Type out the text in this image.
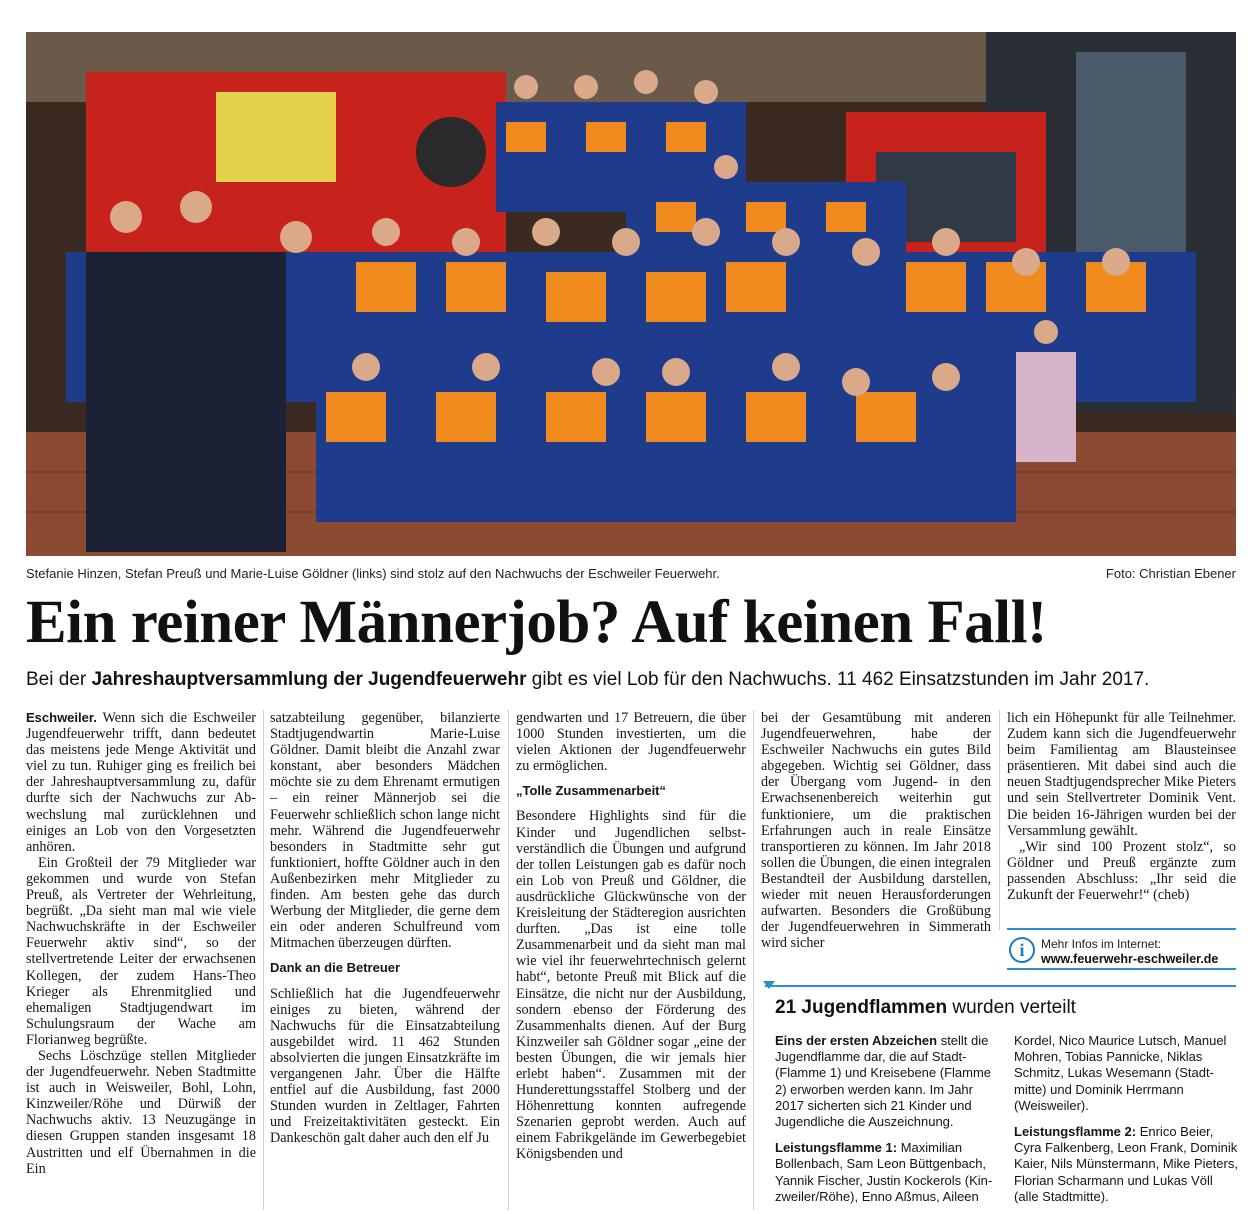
Stefanie Hinzen, Stefan Preuß und Marie-Luise Göldner (links) sind stolz auf den Nachwuchs der Eschweiler Feuerwehr.	Foto: Christian Ebener
Ein reiner Männerjob? Auf keinen Fall!
Bei der Jahreshauptversammlung der Jugendfeuerwehr gibt es viel Lob für den Nachwuchs. 11 462 Einsatzstunden im Jahr 2017.

Eschweiler. Wenn sich die Eschweiler Jugendfeuerwehr trifft, dann bedeutet das meistens jede Menge Aktivität und viel zu tun. Ruhiger ging es freilich bei der Jahreshauptversammlung zu, dafür durfte sich der Nachwuchs zur Abwechslung mal zurücklehnen und einiges an Lob von den Vorgesetzten anhören.

Ein Großteil der 79 Mitglieder war gekommen und wurde von Stefan Preuß, als Vertreter der Wehrleitung, begrüßt. „Da sieht man mal wie viele Nachwuchskräfte in der Eschweiler Feuerwehr aktiv sind“, so der stellvertretende Leiter der erwachsenen Kollegen, der zudem Hans-Theo Krieger als Ehrenmitglied und ehemaligen Stadtjugendwart im Schulungsraum der Wache am Florianweg begrüßte.

Sechs Löschzüge stellen Mitglieder der Jugendfeuerwehr. Neben Stadtmitte ist auch in Weisweiler, Bohl, Lohn, Kinzweiler/Röhe und Dürwiß der Nachwuchs aktiv. 13 Neuzugänge in diesen Gruppen standen insgesamt 18 Austritten und elf Übernahmen in die Ein

satzabteilung gegenüber, bilanzierte Stadtjugendwartin Marie-Luise Göldner. Damit bleibt die Anzahl zwar konstant, aber besonders Mädchen möchte sie zu dem Ehrenamt ermutigen – ein reiner Männerjob sei die Feuerwehr schließlich schon lange nicht mehr. Während die Jugendfeuerwehr besonders in Stadtmitte sehr gut funktioniert, hoffte Göldner auch in den Außenbezirken mehr Mitglieder zu finden. Am besten gehe das durch Werbung der Mitglieder, die gerne dem ein oder anderen Schulfreund vom Mitmachen überzeugen dürften.

Dank an die Betreuer

Schließlich hat die Jugendfeuerwehr einiges zu bieten, während der Nachwuchs für die Einsatzabteilung ausgebildet wird. 11 462 Stunden absolvierten die jungen Einsatzkräfte im vergangenen Jahr. Über die Hälfte entfiel auf die Ausbildung, fast 2000 Stunden wurden in Zeltlager, Fahrten und Freizeitaktivitäten gesteckt. Ein Dankeschön galt daher auch den elf Ju

gendwarten und 17 Betreuern, die über 1000 Stunden investierten, um die vielen Aktionen der Jugendfeuerwehr zu ermöglichen.

„Tolle Zusammenarbeit“

Besondere Highlights sind für die Kinder und Jugendlichen selbstverständlich die Übungen und aufgrund der tollen Leistungen gab es dafür noch ein Lob von Preuß und Göldner, die ausdrückliche Glückwünsche von der Kreisleitung der Städteregion ausrichten durften. „Das ist eine tolle Zusammenarbeit und da sieht man mal wie viel ihr feuerwehrtechnisch gelernt habt“, betonte Preuß mit Blick auf die Einsätze, die nicht nur der Ausbildung, sondern ebenso der Förderung des Zusammenhalts dienen. Auf der Burg Kinzweiler sah Göldner sogar „eine der besten Übungen, die wir jemals hier erlebt haben“. Zusammen mit der Hunderettungsstaffel Stolberg und der Höhenrettung konnten aufregende Szenarien geprobt werden. Auch auf einem Fabrikgelände im Gewerbegebiet Königsbenden und

bei der Gesamtübung mit anderen Jugendfeuerwehren, habe der Eschweiler Nachwuchs ein gutes Bild abgegeben. Wichtig sei Göldner, dass der Übergang vom Jugend- in den Erwachsenenbereich weiterhin gut funktioniere, um die praktischen Erfahrungen auch in reale Einsätze transportieren zu können. Im Jahr 2018 sollen die Übungen, die einen integralen Bestandteil der Ausbildung darstellen, wieder mit neuen Herausforderungen aufwarten. Besonders die Großübung der Jugendfeuerwehren in Simmerath wird sicher

lich ein Höhepunkt für alle Teilnehmer. Zudem kann sich die Jugendfeuerwehr beim Familientag am Blausteinsee präsentieren. Mit dabei sind auch die neuen Stadtjugendsprecher Mike Pieters und sein Stellvertreter Dominik Vent. Die beiden 16-Jährigen wurden bei der Versammlung gewählt.

„Wir sind 100 Prozent stolz“, so Göldner und Preuß ergänzte zum passenden Abschluss: „Ihr seid die Zukunft der Feuerwehr!“ (cheb)

i	Mehr Infos im Internet:
www.feuerwehr-eschweiler.de
21 Jugendflammen wurden verteilt

Eins der ersten Abzeichen stellt die Jugendflamme dar, die auf Stadt- (Flamme 1) und Kreisebene (Flamme 2) erworben werden kann. Im Jahr 2017 sicherten sich 21 Kinder und Jugendliche die Auszeichnung.

Leistungsflamme 1: Maximilian Bollenbach, Sam Leon Büttgenbach, Yannik Fischer, Justin Kockerols (Kinzweiler/Röhe), Enno Aßmus, Aileen

Kordel, Nico Maurice Lutsch, Manuel Mohren, Tobias Pannicke, Niklas Schmitz, Lukas Wesemann (Stadtmitte) und Dominik Herrmann (Weisweiler).

Leistungsflamme 2: Enrico Beier, Cyra Falkenberg, Leon Frank, Dominik Kaier, Nils Münstermann, Mike Pieters, Florian Scharmann und Lukas Völl (alle Stadtmitte).
